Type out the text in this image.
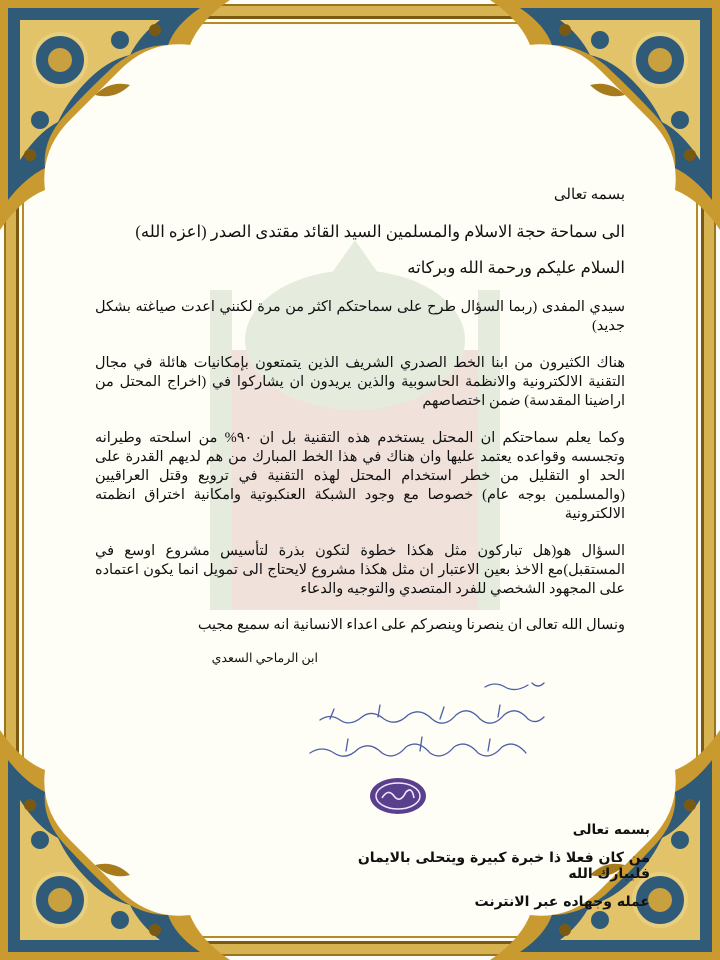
بسمه تعالى

الى سماحة حجة الاسلام والمسلمين السيد القائد مقتدى الصدر (اعزه الله)

السلام عليكم ورحمة الله وبركاته

سيدي المفدى (ربما السؤال طرح على سماحتكم اكثر من مرة لكنني اعدت صياغته بشكل جديد)

هناك الكثيرون من ابنا الخط الصدري الشريف الذين يتمتعون بإمكانيات هائلة في مجال التقنية الالكترونية والانظمة الحاسوبية والذين يريدون ان يشاركوا في (اخراج المحتل من اراضينا المقدسة) ضمن اختصاصهم

وكما يعلم سماحتكم ان المحتل يستخدم هذه التقنية بل ان ٩٠% من اسلحته وطيرانه وتجسسه وقواعده يعتمد عليها وان هناك في هذا الخط المبارك من هم لديهم القدرة على الحد او التقليل من خطر استخدام المحتل لهذه التقنية في ترويع وقتل العراقيين (والمسلمين بوجه عام) خصوصا مع وجود الشبكة العنكبوتية وامكانية اختراق انظمته الالكترونية

السؤال هو(هل تباركون مثل هكذا خطوة لتكون بذرة لتأسيس مشروع اوسع في المستقبل)مع الاخذ بعين الاعتبار ان مثل هكذا مشروع لايحتاج الى تمويل انما يكون اعتماده على المجهود الشخصي للفرد المتصدي والتوجيه والدعاء

ونسال الله تعالى ان ينصرنا وينصركم على اعداء الانسانية انه سميع مجيب

ابن الرماحي السعدي

بسمه تعالى

من كان فعلا ذا خبرة كبيرة ويتحلى بالايمان فليبارك الله

عمله وجهاده عبر الانترنت
